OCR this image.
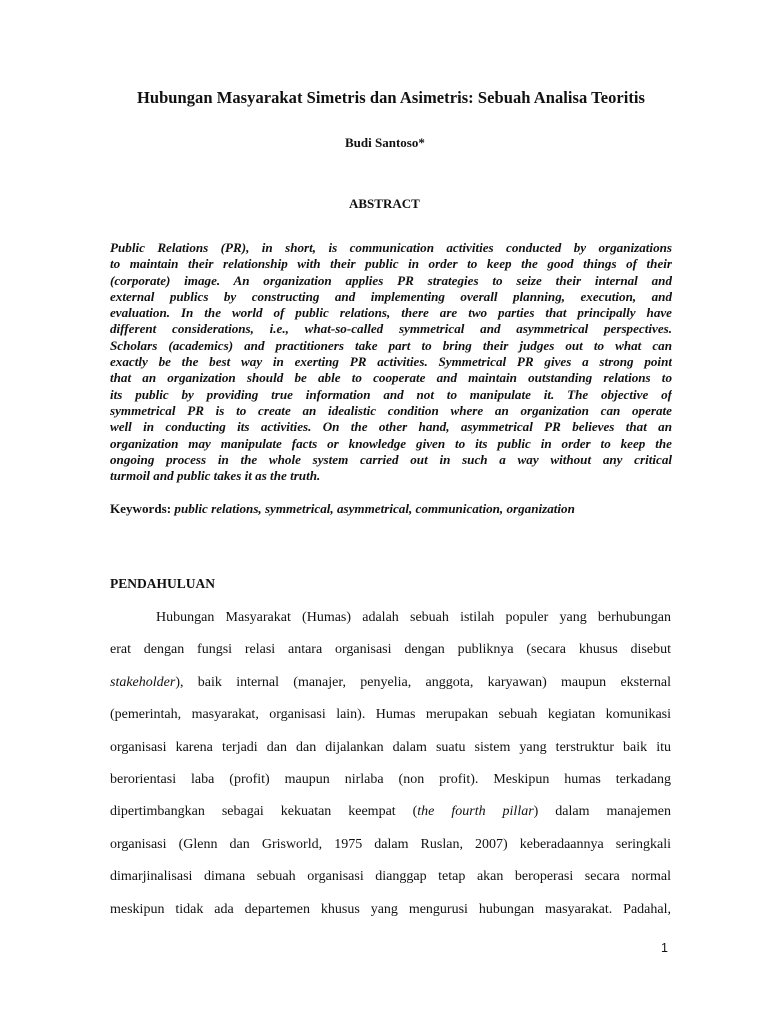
Hubungan Masyarakat Simetris dan Asimetris: Sebuah Analisa Teoritis
Budi Santoso*
ABSTRACT
Public Relations (PR), in short, is communication activities conducted by organizations
to maintain their relationship with their public in order to keep the good things of their
(corporate) image. An organization applies PR strategies to seize their internal and
external publics by constructing and implementing overall planning, execution, and
evaluation. In the world of public relations, there are two parties that principally have
different considerations, i.e., what-so-called symmetrical and asymmetrical perspectives.
Scholars (academics) and practitioners take part to bring their judges out to what can
exactly be the best way in exerting PR activities. Symmetrical PR gives a strong point
that an organization should be able to cooperate and maintain outstanding relations to
its public by providing true information and not to manipulate it. The objective of
symmetrical PR is to create an idealistic condition where an organization can operate
well in conducting its activities. On the other hand, asymmetrical PR believes that an
organization may manipulate facts or knowledge given to its public in order to keep the
ongoing process in the whole system carried out in such a way without any critical
turmoil and public takes it as the truth.
Keywords: public relations, symmetrical, asymmetrical, communication, organization
PENDAHULUAN
Hubungan Masyarakat (Humas) adalah sebuah istilah populer yang berhubungan
erat dengan fungsi relasi antara organisasi dengan publiknya (secara khusus disebut
stakeholder), baik internal (manajer, penyelia, anggota, karyawan) maupun eksternal
(pemerintah, masyarakat, organisasi lain). Humas merupakan sebuah kegiatan komunikasi
organisasi karena terjadi dan dan dijalankan dalam suatu sistem yang terstruktur baik itu
berorientasi laba (profit) maupun nirlaba (non profit). Meskipun humas terkadang
dipertimbangkan sebagai kekuatan keempat (the fourth pillar) dalam manajemen
organisasi (Glenn dan Grisworld, 1975 dalam Ruslan, 2007) keberadaannya seringkali
dimarjinalisasi dimana sebuah organisasi dianggap tetap akan beroperasi secara normal
meskipun tidak ada departemen khusus yang mengurusi hubungan masyarakat. Padahal,
1
